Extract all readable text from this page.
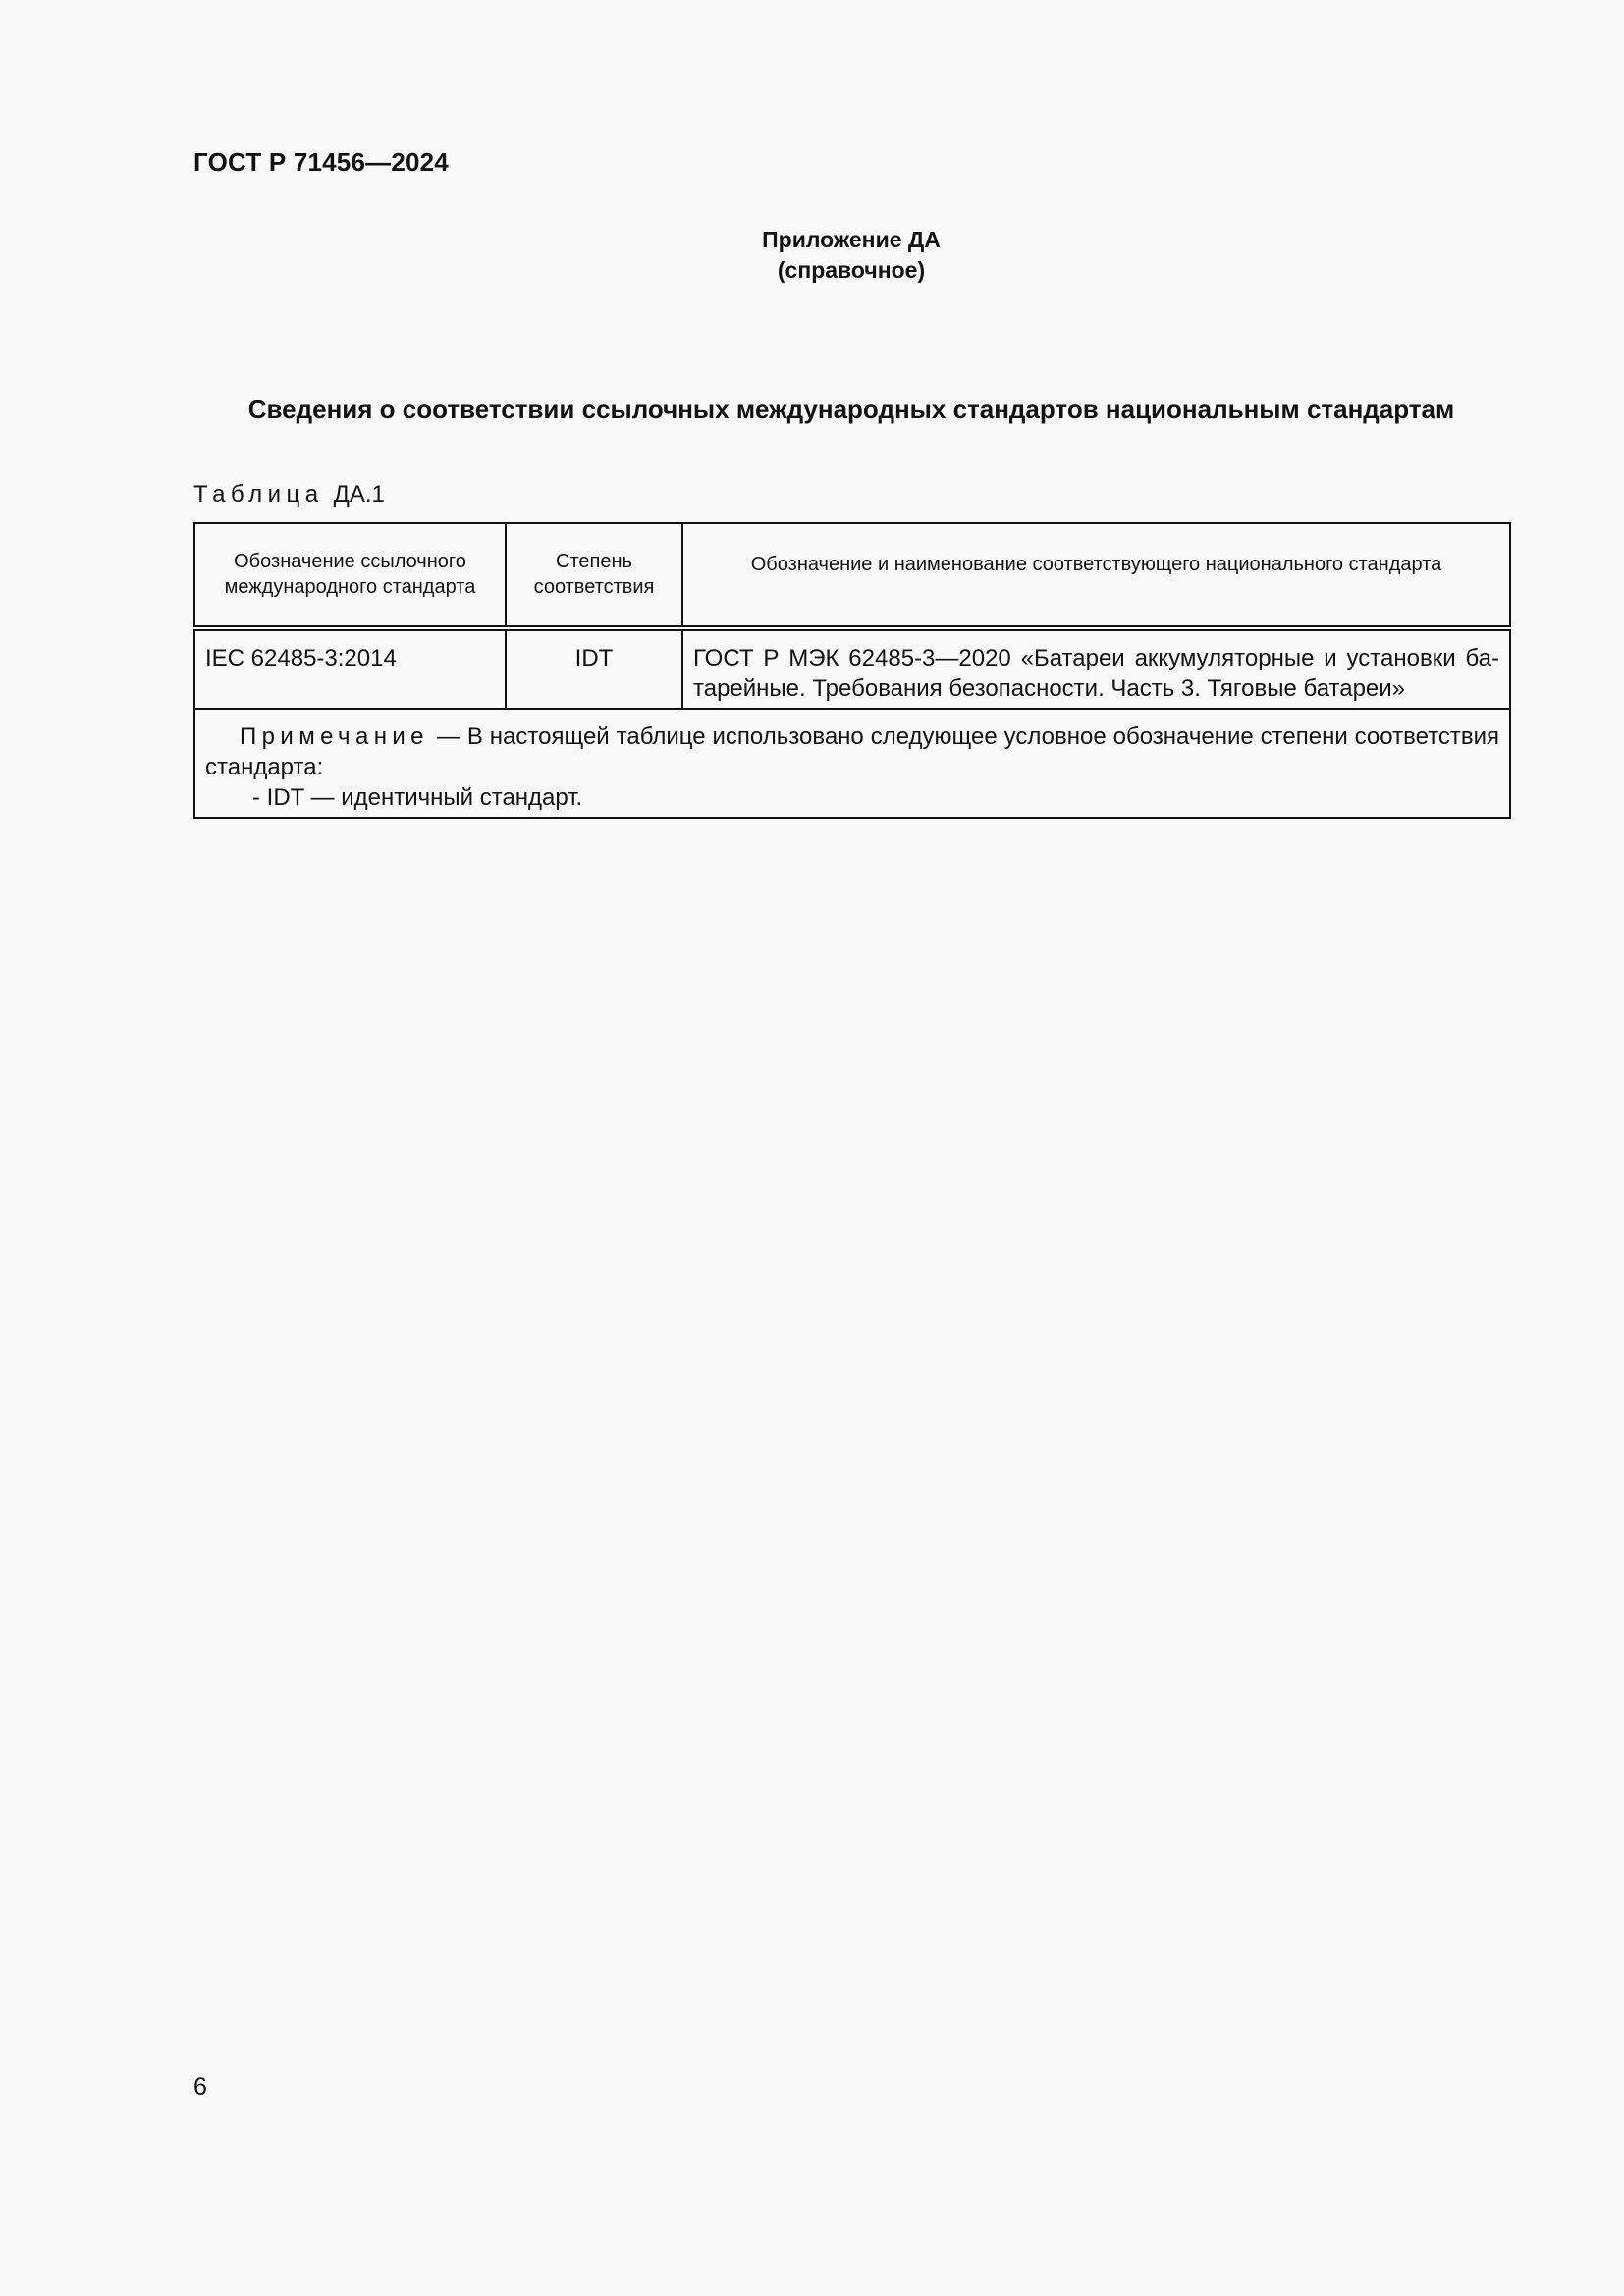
ГОСТ Р 71456—2024
Приложение ДА
(справочное)
Сведения о соответствии ссылочных международных стандартов национальным стандартам
Таблица ДА.1
Обозначение ссылочного международного стандарта	Степень соответствия	Обозначение и наименование соответствующего национального стандарта
IEC 62485-3:2014	IDT	ГОСТ Р МЭК 62485-3—2020 «Батареи аккумуляторные и установки батарейные. Требования безопасности. Часть 3. Тяговые батареи»

Примечание — В настоящей таблице использовано следующее условное обозначение степени соответствия стандарта:
- IDT — идентичный стандарт.		
6
